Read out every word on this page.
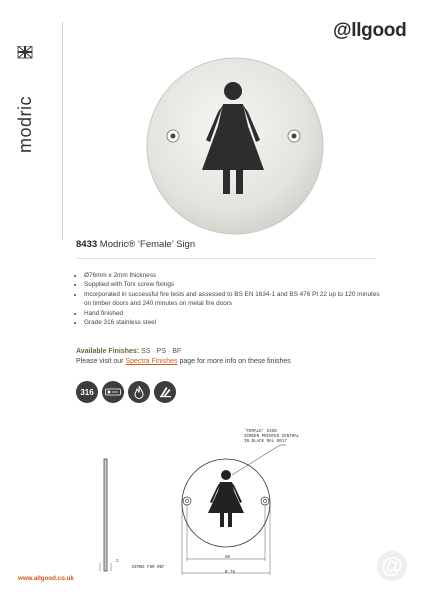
@llgood
modric
8433 Modric® ‘Female’ Sign
• Ø76mm x 2mm thickness
• Supplied with Torx screw fixings
• Incorporated in successful fire tests and assessed to BS EN 1634-1 and BS 476 Pt 22 up to 120 minutes on timber doors and 240 minutes on metal fire doors
• Hand finished
• Grade 316 stainless steel
Available Finishes: SS · PS · BF
Please visit our Spectra Finishes page for more info on these finishes
316
'FEMALE' SIGN
SCREEN PRINTED CENTRAL
IN BLACK RAL 9017
2
DIMNS FOR REF
50
Ø 76
www.allgood.co.uk
@
